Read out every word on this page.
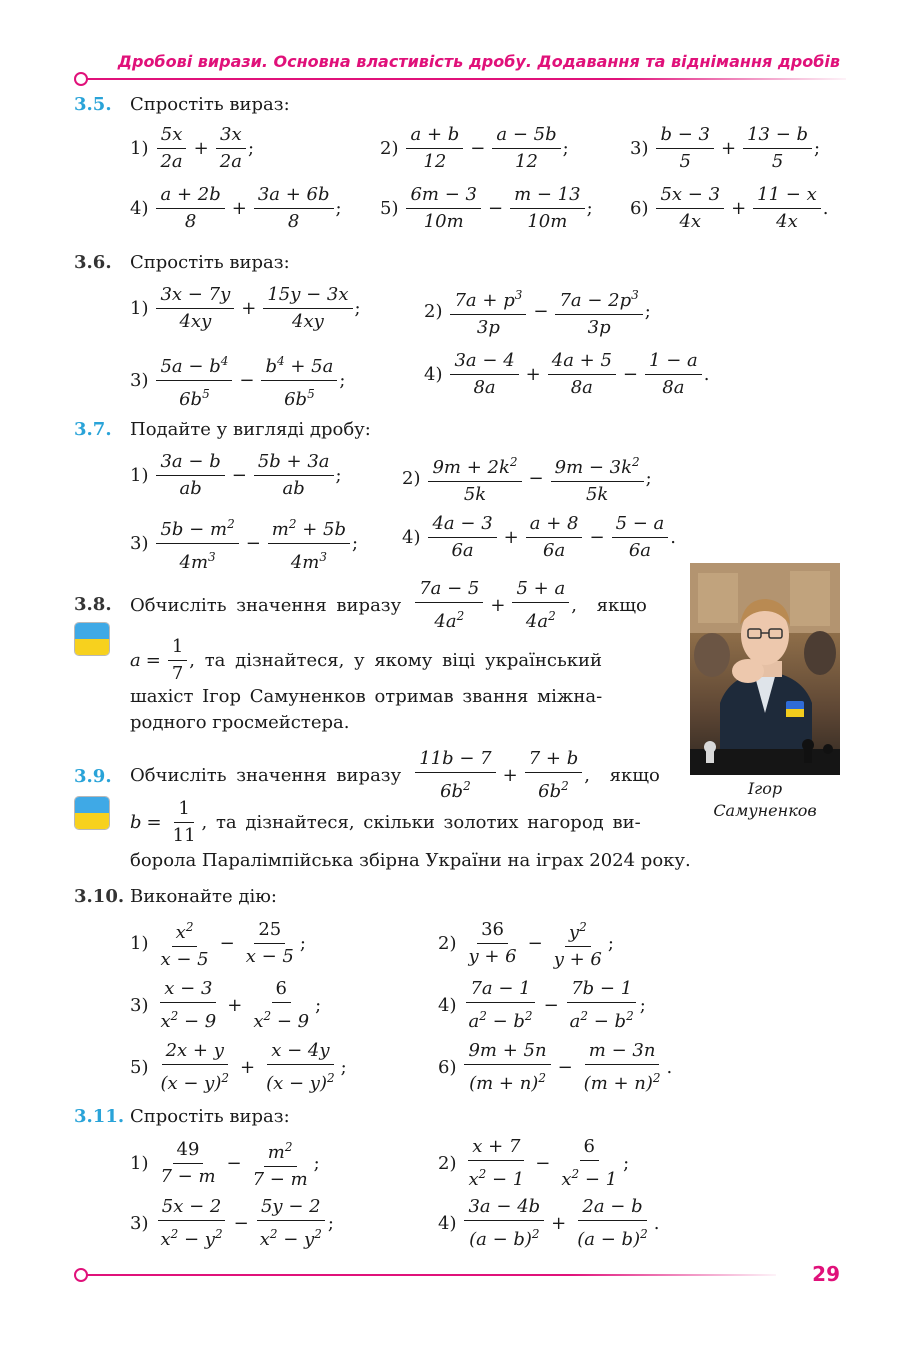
Дробові вирази. Основна властивість дробу. Додавання та віднімання дробів
3.5. Спростіть вираз:
$1) \frac{5x}{2a} + \frac{3x}{2a}$ ;	$2) \frac{a + b}{12} - \frac{a - 5b}{12}$ ;	$3) \frac{b - 3}{5} + \frac{13 - b}{5}$ ;
$4) \frac{a + 2b}{8} + \frac{3a + 6b}{8}$ ; $5) \frac{6m - 3}{10m} - \frac{m - 13}{10m}$ ; $6) \frac{5x - 3}{4x} + \frac{11 - x}{4x}$ .
3.6. Спростіть вираз:
$1) \frac{3x - 7y}{4xy} + \frac{15y - 3x}{4xy}$ ;	$2) \frac{7a + p^3}{3p} - \frac{7a - 2p^3}{3p}$ ;
$3) \frac{5a - b^4}{6b^5} - \frac{b^4 + 5a}{6b^5}$ ;	$4) \frac{3a - 4}{8a} + \frac{4a + 5}{8a} - \frac{1 - a}{8a}$ .
3.7. Подайте у вигляді дробу:
$1) \frac{3a - b}{ab} - \frac{5b + 3a}{ab}$ ;	$2) \frac{9m + 2k^2}{5k} - \frac{9m - 3k^2}{5k}$ ;
$3) \frac{5b - m^2}{4m^3} - \frac{m^2 + 5b}{4m^3}$ ; $4) \frac{4a - 3}{6a} + \frac{a + 8}{6a} - \frac{5 - a}{6a}$ .
3.8. Обчисліть значення виразу $\frac{7a - 5}{4a^2} + \frac{5 + a}{4a^2}$ , якщо
$a = \frac{1}{7}$ , та дізнайтеся, у якому віці український
шахіст Ігор Самуненков отримав звання міжна-
родного гросмейстера.
Ігор
Самуненков
3.9. Обчисліть значення виразу $\frac{11b - 7}{6b^2} + \frac{7 + b}{6b^2}$ , якщо
$b = \frac{1}{11}$ , та дізнайтеся, скільки золотих нагород ви-
борола Паралімпійська збірна України на іграх 2024 року.
3.10. Виконайте дію:
$1) \frac{x^2}{x - 5} - \frac{25}{x - 5}$ ;	$2) \frac{36}{y + 6} - \frac{y^2}{y + 6}$ ;
$3) \frac{x - 3}{x^2 - 9} + \frac{6}{x^2 - 9}$ ;	$4) \frac{7a - 1}{a^2 - b^2} - \frac{7b - 1}{a^2 - b^2}$ ;
$5) \frac{2x + y}{(x - y)^2} + \frac{x - 4y}{(x - y)^2}$ ;	$6) \frac{9m + 5n}{(m + n)^2} - \frac{m - 3n}{(m + n)^2}$ .
3.11. Спростіть вираз:
$1) \frac{49}{7 - m} - \frac{m^2}{7 - m}$ ;	$2) \frac{x + 7}{x^2 - 1} - \frac{6}{x^2 - 1}$ ;
$3) \frac{5x - 2}{x^2 - y^2} - \frac{5y - 2}{x^2 - y^2}$ ;	$4) \frac{3a - 4b}{(a - b)^2} + \frac{2a - b}{(a - b)^2}$ .
29
